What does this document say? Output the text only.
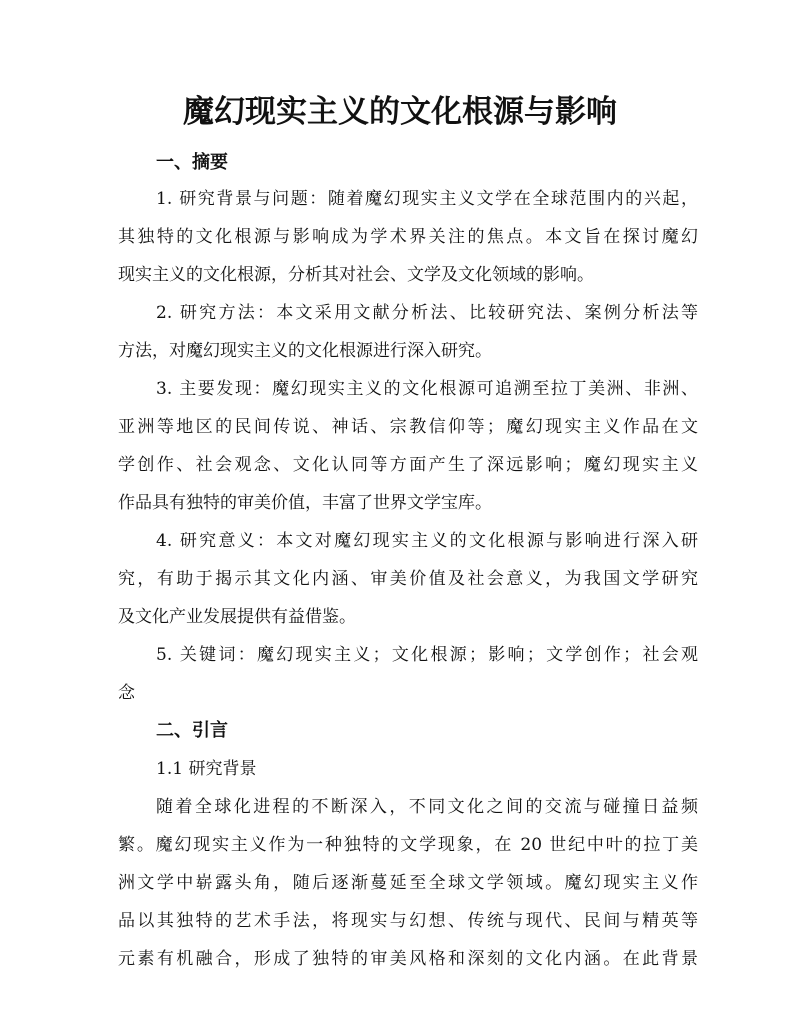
魔幻现实主义的文化根源与影响
一、摘要
1. 研究背景与问题：随着魔幻现实主义文学在全球范围内的兴起，
其独特的文化根源与影响成为学术界关注的焦点。本文旨在探讨魔幻
现实主义的文化根源，分析其对社会、文学及文化领域的影响。
2. 研究方法：本文采用文献分析法、比较研究法、案例分析法等
方法，对魔幻现实主义的文化根源进行深入研究。
3. 主要发现：魔幻现实主义的文化根源可追溯至拉丁美洲、非洲、
亚洲等地区的民间传说、神话、宗教信仰等；魔幻现实主义作品在文
学创作、社会观念、文化认同等方面产生了深远影响；魔幻现实主义
作品具有独特的审美价值，丰富了世界文学宝库。
4. 研究意义：本文对魔幻现实主义的文化根源与影响进行深入研
究，有助于揭示其文化内涵、审美价值及社会意义，为我国文学研究
及文化产业发展提供有益借鉴。
5. 关键词：魔幻现实主义；文化根源；影响；文学创作；社会观
念
二、引言
1.1 研究背景
随着全球化进程的不断深入，不同文化之间的交流与碰撞日益频
繁。魔幻现实主义作为一种独特的文学现象，在 20 世纪中叶的拉丁美
洲文学中崭露头角，随后逐渐蔓延至全球文学领域。魔幻现实主义作
品以其独特的艺术手法，将现实与幻想、传统与现代、民间与精英等
元素有机融合，形成了独特的审美风格和深刻的文化内涵。在此背景
